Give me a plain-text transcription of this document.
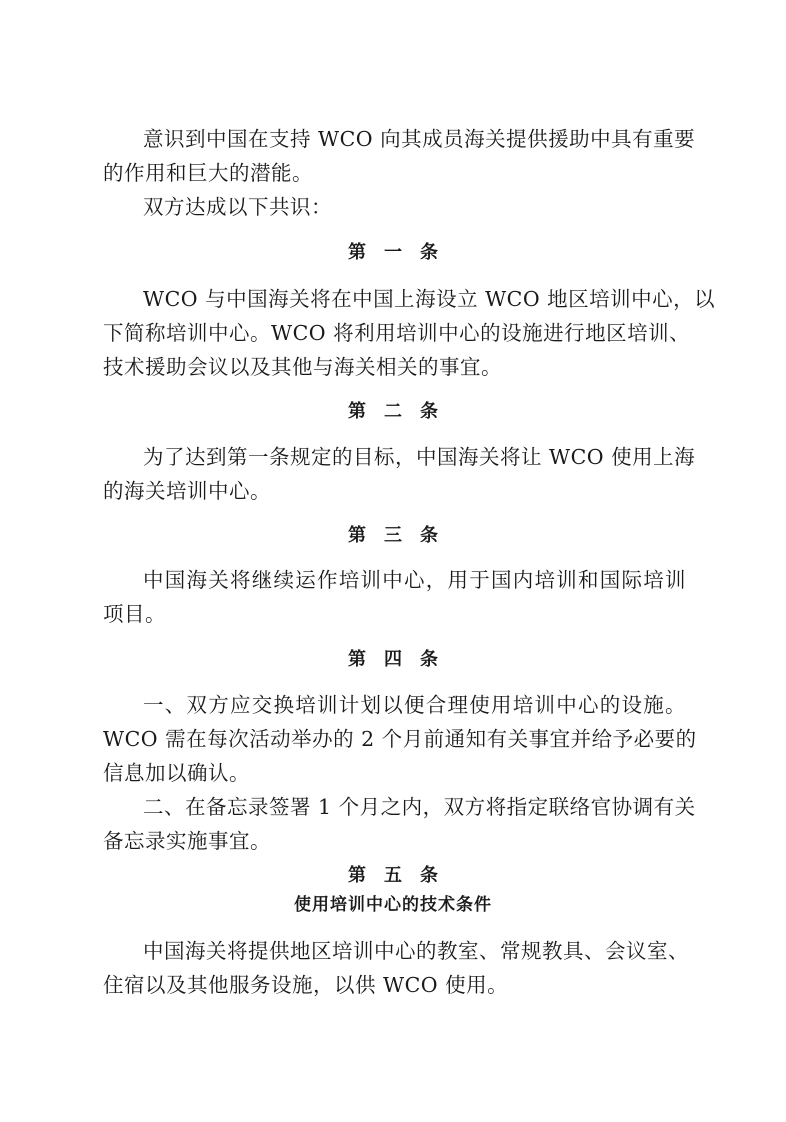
意识到中国在支持 WCO 向其成员海关提供援助中具有重要
的作用和巨大的潜能。
双方达成以下共识：
第　一　条
WCO 与中国海关将在中国上海设立 WCO 地区培训中心，以
下简称培训中心。WCO 将利用培训中心的设施进行地区培训、
技术援助会议以及其他与海关相关的事宜。
第　二　条
为了达到第一条规定的目标，中国海关将让 WCO 使用上海
的海关培训中心。
第　三　条
中国海关将继续运作培训中心，用于国内培训和国际培训
项目。
第　四　条
一、双方应交换培训计划以便合理使用培训中心的设施。
WCO 需在每次活动举办的 2 个月前通知有关事宜并给予必要的
信息加以确认。
二、在备忘录签署 1 个月之内，双方将指定联络官协调有关
备忘录实施事宜。
第　五　条
使用培训中心的技术条件
中国海关将提供地区培训中心的教室、常规教具、会议室、
住宿以及其他服务设施，以供 WCO 使用。
